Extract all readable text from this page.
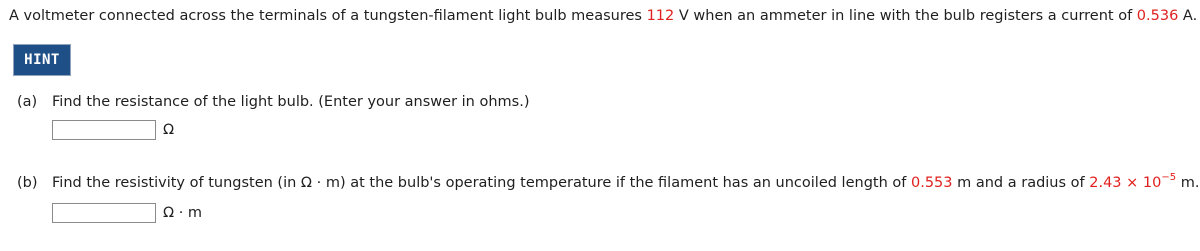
A voltmeter connected across the terminals of a tungsten-filament light bulb measures 112 V when an ammeter in line with the bulb registers a current of 0.536 A.
HINT
(a) Find the resistance of the light bulb. (Enter your answer in ohms.)
Ω
(b) Find the resistivity of tungsten (in Ω · m) at the bulb's operating temperature if the filament has an uncoiled length of 0.553 m and a radius of $2.43 \times 10^{-5}$ m.
Ω · m
